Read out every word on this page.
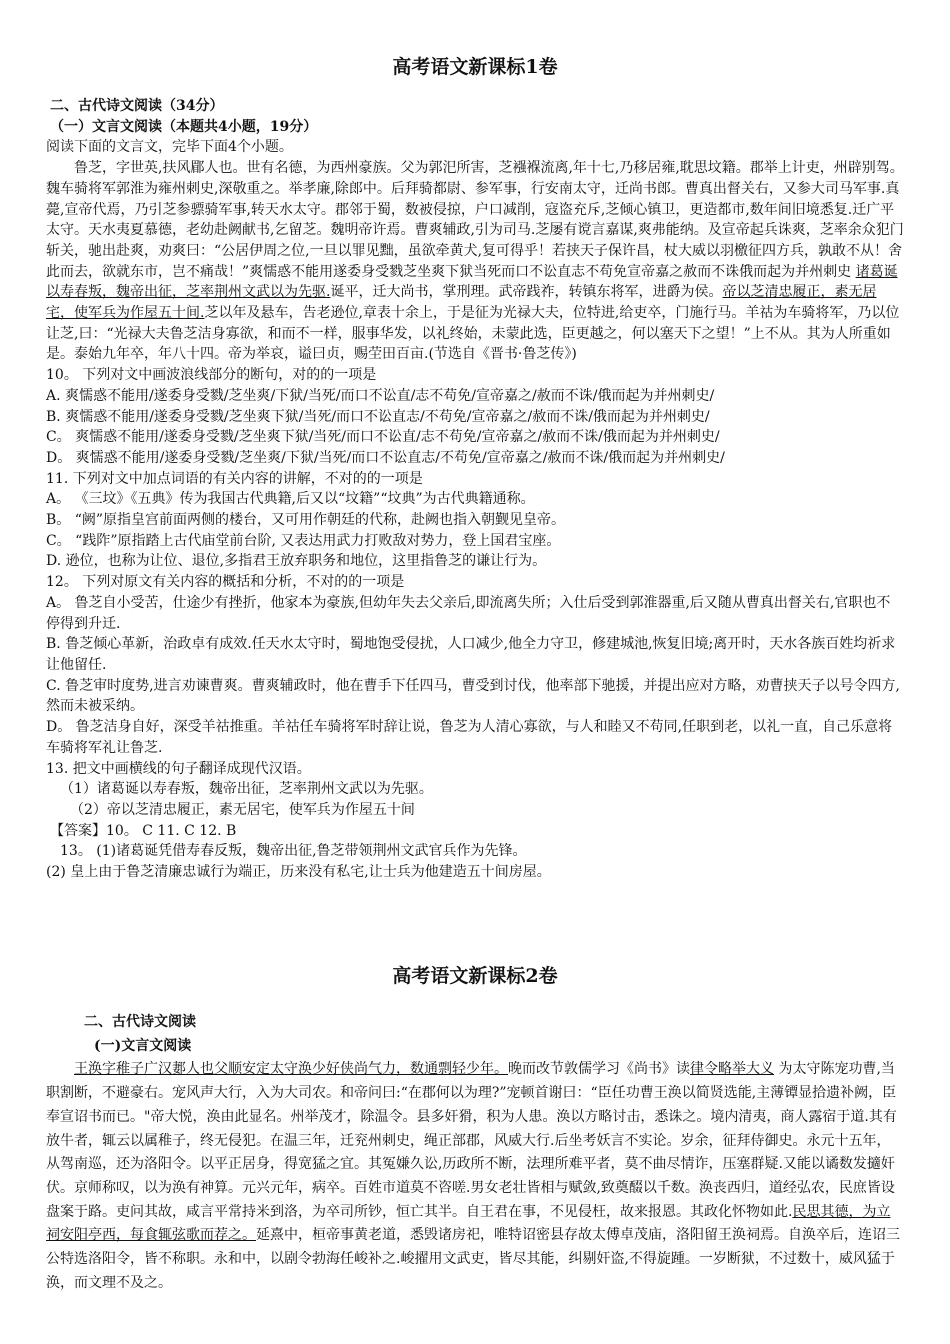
高考语文新课标1卷

二、古代诗文阅读（34分）

（一）文言文阅读（本题共4小题，19分）

阅读下面的文言文，完毕下面4个小题。

鲁芝，字世英,扶风郿人也。世有名德，为西州豪族。父为郭汜所害，芝襁褓流离,年十七,乃移居雍,耽思坟籍。郡举上计吏，州辟别驾。魏车骑将军郭淮为雍州刺史,深敬重之。举孝廉,除郎中。后拜骑都尉、参军事，行安南太守，迁尚书郎。曹真出督关右，又参大司马军事.真薨,宣帝代焉，乃引芝参骠骑军事,转天水太守。郡邻于蜀，数被侵掠，户口减削，寇盗充斥,芝倾心镇卫，更造都市,数年间旧境悉复.迁广平太守。天水夷夏慕德，老幼赴阙献书,乞留芝。魏明帝许焉。曹爽辅政,引为司马.芝屡有谠言嘉谋,爽弗能纳。及宣帝起兵诛爽，芝率余众犯门斩关，驰出赴爽，劝爽曰：“公居伊周之位,一旦以罪见黜，虽欲牵黄犬,复可得乎！若挟天子保许昌，杖大威以羽檄征四方兵，孰敢不从！舍此而去，欲就东市，岂不痛哉！”爽懦惑不能用遂委身受戮芝坐爽下狱当死而口不讼直志不苟免宣帝嘉之赦而不诛俄而起为并州刺史 诸葛诞以寿春叛，魏帝出征，芝率荆州文武以为先驱.诞平，迁大尚书，掌刑理。武帝践祚，转镇东将军，进爵为侯。帝以芝清忠履正，素无居宅，使军兵为作屋五十间.芝以年及悬车，告老逊位,章表十余上，于是征为光禄大夫，位特进,给吏卒，门施行马。羊祜为车骑将军，乃以位让芝,曰：“光禄大夫鲁芝洁身寡欲，和而不一样，服事华发，以礼终始，未蒙此选，臣更越之，何以塞天下之望！”上不从。其为人所重如是。泰始九年卒，年八十四。帝为举哀，谥曰贞，赐茔田百亩.(节选自《晋书·鲁芝传》)

10。 下列对文中画波浪线部分的断句，对的的一项是

A. 爽懦惑不能用/遂委身受戮/芝坐爽/下狱/当死/而口不讼直/志不苟免/宣帝嘉之/赦而不诛/俄而起为并州刺史/

B. 爽懦惑不能用/遂委身受戮/芝坐爽下狱/当死/而口不讼直志/不苟免/宣帝嘉之/赦而不诛/俄而起为并州刺史/

C。 爽懦惑不能用/遂委身受戮/芝坐爽下狱/当死/而口不讼直/志不苟免/宣帝嘉之/赦而不诛/俄而起为并州刺史/

D。 爽懦惑不能用/遂委身受戮/芝坐爽/下狱/当死/而口不讼直志/不苟免/宣帝嘉之/赦而不诛/俄而起为并州刺史/

11. 下列对文中加点词语的有关内容的讲解，不对的的一项是

A。 《三坟》《五典》传为我国古代典籍,后又以“坟籍”“坟典”为古代典籍通称。

B。 “阙”原指皇宫前面两侧的楼台，又可用作朝廷的代称，赴阙也指入朝觐见皇帝。

C。 “践阼”原指踏上古代庙堂前台阶, 又表达用武力打败敌对势力，登上国君宝座。

D. 逊位，也称为让位、退位,多指君王放弃职务和地位，这里指鲁芝的谦让行为。

12。 下列对原文有关内容的概括和分析，不对的的一项是

A。 鲁芝自小受苦，仕途少有挫折，他家本为豪族,但幼年失去父亲后,即流离失所；入仕后受到郭淮器重,后又随从曹真出督关右,官职也不停得到升迁.

B. 鲁芝倾心革新，治政卓有成效.任天水太守时，蜀地饱受侵扰，人口减少,他全力守卫，修建城池,恢复旧境;离开时，天水各族百姓均祈求让他留任.

C. 鲁芝审时度势,进言劝谏曹爽。曹爽辅政时，他在曹手下任四马，曹受到讨伐，他率部下驰援，并提出应对方略，劝曹挟天子以号令四方,然而未被采纳。

D。 鲁芝洁身自好，深受羊祜推重。羊祜任车骑将军时辞让说，鲁芝为人清心寡欲，与人和睦又不苟同,任职到老，以礼一直，自己乐意将车骑将军礼让鲁芝.

13. 把文中画横线的句子翻译成现代汉语。

（1）诸葛诞以寿春叛，魏帝出征，芝率荆州文武以为先驱。

（2）帝以芝清忠履正，素无居宅，使军兵为作屋五十间

【答案】10。 C 11. C 12. B

13。 (1)诸葛诞凭借寿春反叛，魏帝出征,鲁芝带领荆州文武官兵作为先锋。

(2) 皇上由于鲁芝清廉忠诚行为端正，历来没有私宅,让士兵为他建造五十间房屋。

高考语文新课标2卷

二、古代诗文阅读

(一)文言文阅读

王涣字稚子广汉郪人也父顺安定太守涣少好侠尚气力，数通剽轻少年。晚而改节敦儒学习《尚书》读律令略举大义 为太守陈宠功曹,当职割断，不避豪右。宠风声大行，入为大司农。和帝问曰:“在郡何以为理?”宠顿首谢曰：“臣任功曹王涣以简贤选能,主薄镡显拾遗补阙，臣奉宣诏书而已。"帝大悦，涣由此显名。州举茂才，除温令。县多奸猾，积为人患。涣以方略讨击，悉诛之。境内清夷，商人露宿于道.其有放牛者，辄云以属稚子，终无侵犯。在温三年，迁兖州刺史，绳正部郡，风威大行.后坐考妖言不实论。岁余，征拜侍御史。永元十五年，从驾南巡，还为洛阳令。以平正居身，得宽猛之宜。其冤嫌久讼,历政所不断，法理所难平者，莫不曲尽情诈，压塞群疑.又能以谲数发擿奸伏。京师称叹，以为涣有神算。元兴元年，病卒。百姓市道莫不咨嗟.男女老壮皆相与赋敛,致奠醊以千数。涣丧西归，道经弘农，民庶皆设盘案于路。吏问其故，咸言平常持米到洛，为卒司所钞，恒亡其半。自王君在事，不见侵枉，故来报恩。其政化怀物如此.民思其德，为立祠安阳亭西，每食辄弦歌而荐之。延熹中，桓帝事黄老道，悉毁诸房祀，唯特诏密县存故太傅卓茂庙，洛阳留王涣祠焉。自涣卒后，连诏三公特选洛阳令，皆不称职。永和中，以剧令勃海任峻补之.峻擢用文武吏，皆尽其能，纠剔奸盗,不得旋踵。一岁断狱，不过数十，威风猛于涣，而文理不及之。
